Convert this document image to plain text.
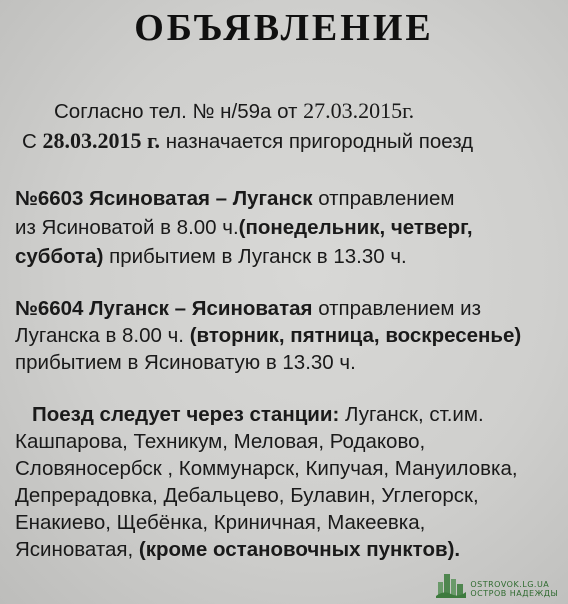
ОБЪЯВЛЕНИЕ
Согласно тел. № н/59а от 27.03.2015г.
С 28.03.2015 г. назначается пригородный поезд
№6603 Ясиноватая – Луганск отправлением
из Ясиноватой в 8.00 ч.(понедельник, четверг,
суббота) прибытием в Луганск в 13.30 ч.
№6604 Луганск – Ясиноватая отправлением из
Луганска в 8.00 ч. (вторник, пятница, воскресенье)
прибытием в Ясиноватую в 13.30 ч.
Поезд следует через станции: Луганск, ст.им.
Кашпарова, Техникум, Меловая, Родаково,
Словяносербск , Коммунарск, Кипучая, Мануиловка,
Депрерадовка, Дебальцево, Булавин, Углегорск,
Енакиево, Щебёнка, Криничная, Макеевка,
Ясиноватая, (кроме остановочных пунктов).
OSTROVOK.LG.UA
ОСТРОВ НАДЕЖДЫ
